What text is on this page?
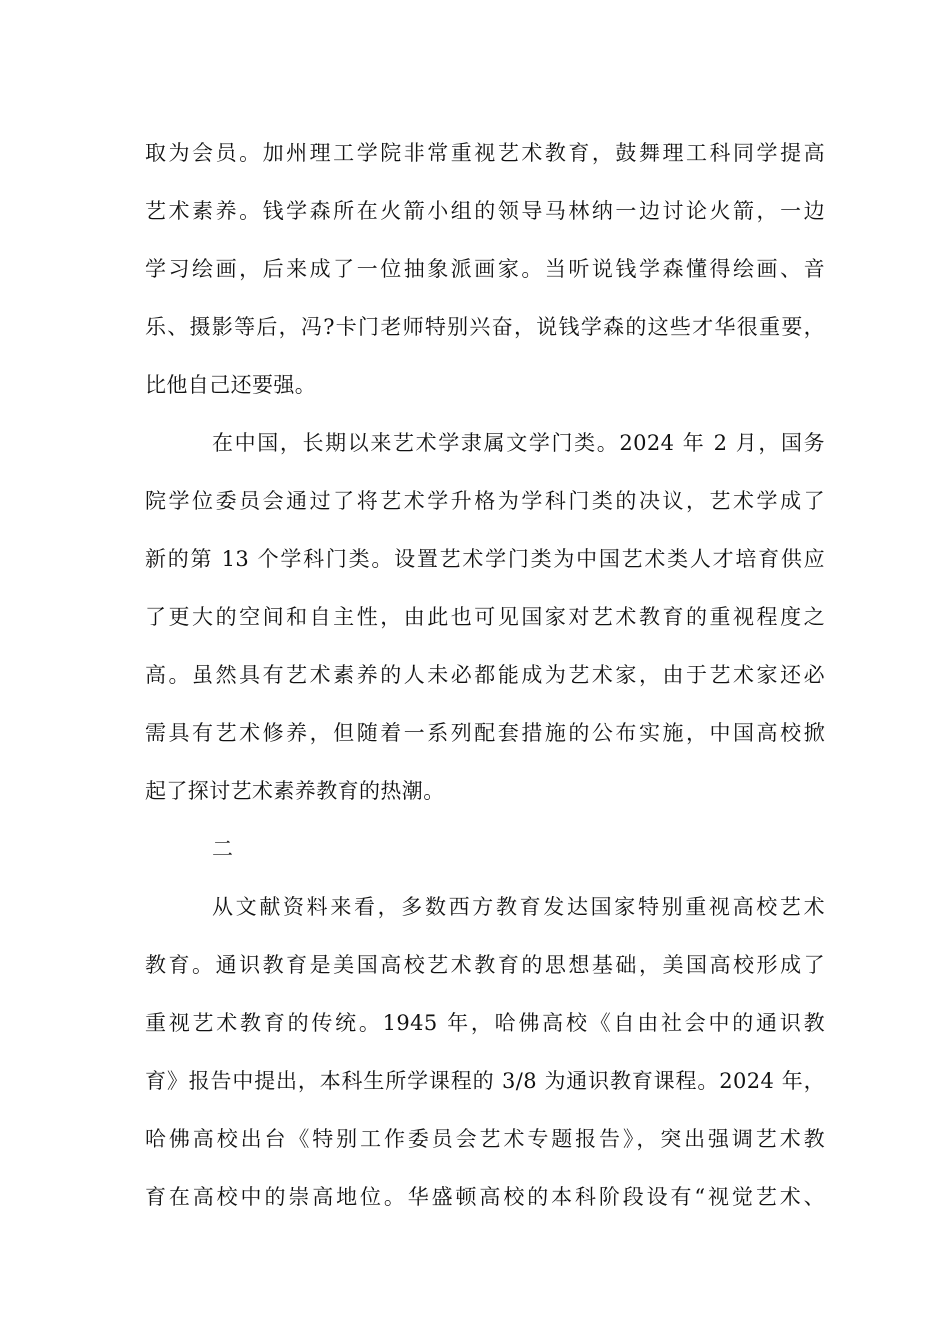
取为会员。加州理工学院非常重视艺术教育，鼓舞理工科同学提高
艺术素养。钱学森所在火箭小组的领导马林纳一边讨论火箭，一边
学习绘画，后来成了一位抽象派画家。当听说钱学森懂得绘画、音
乐、摄影等后，冯?卡门老师特别兴奋，说钱学森的这些才华很重要，
比他自己还要强。
在中国，长期以来艺术学隶属文学门类。2024 年 2 月，国务
院学位委员会通过了将艺术学升格为学科门类的决议，艺术学成了
新的第 13 个学科门类。设置艺术学门类为中国艺术类人才培育供应
了更大的空间和自主性，由此也可见国家对艺术教育的重视程度之
高。虽然具有艺术素养的人未必都能成为艺术家，由于艺术家还必
需具有艺术修养，但随着一系列配套措施的公布实施，中国高校掀
起了探讨艺术素养教育的热潮。
二
从文献资料来看，多数西方教育发达国家特别重视高校艺术
教育。通识教育是美国高校艺术教育的思想基础，美国高校形成了
重视艺术教育的传统。1945 年，哈佛高校《自由社会中的通识教
育》报告中提出，本科生所学课程的 3/8 为通识教育课程。2024 年，
哈佛高校出台《特别工作委员会艺术专题报告》，突出强调艺术教
育在高校中的崇高地位。华盛顿高校的本科阶段设有“视觉艺术、
